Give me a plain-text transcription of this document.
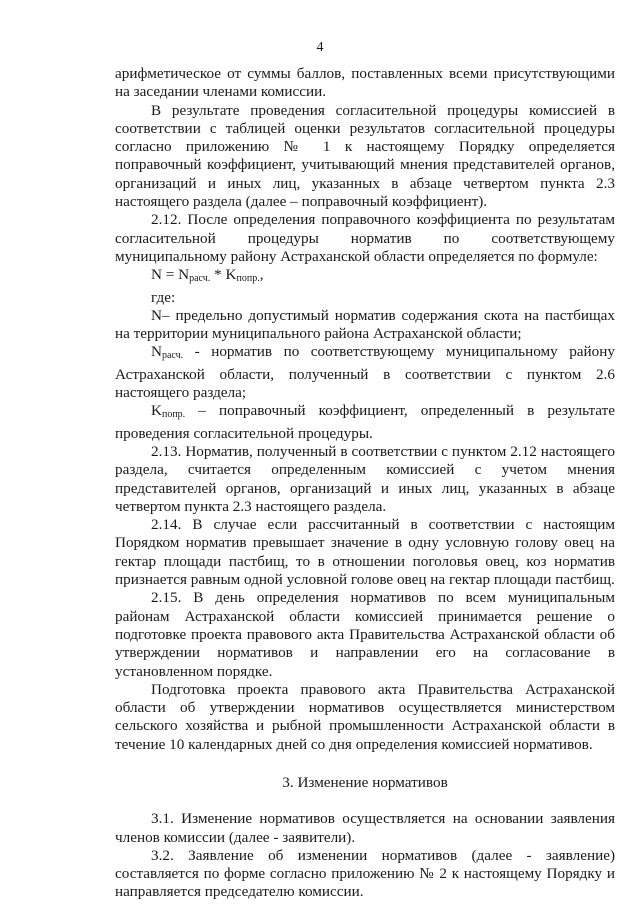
4

арифметическое от суммы баллов, поставленных всеми присутствующими на заседании членами комиссии.

В результате проведения согласительной процедуры комиссией в соответствии с таблицей оценки результатов согласительной процедуры согласно приложению № 1 к настоящему Порядку определяется поправочный коэффициент, учитывающий мнения представителей органов, организаций и иных лиц, указанных в абзаце четвертом пункта 2.3 настоящего раздела (далее – поправочный коэффициент).

2.12. После определения поправочного коэффициента по результатам согласительной процедуры норматив по соответствующему муниципальному району Астраханской области определяется по формуле:

$N = N_{расч.} * K_{попр.}$,

где:

N– предельно допустимый норматив содержания скота на пастбищах на территории муниципального района Астраханской области;

$N_{расч.}$ - норматив по соответствующему муниципальному району Астраханской области, полученный в соответствии с пунктом 2.6 настоящего раздела;

$K_{попр.}$ – поправочный коэффициент, определенный в результате проведения согласительной процедуры.

2.13. Норматив, полученный в соответствии с пунктом 2.12 настоящего раздела, считается определенным комиссией с учетом мнения представителей органов, организаций и иных лиц, указанных в абзаце четвертом пункта 2.3 настоящего раздела.

2.14. В случае если рассчитанный в соответствии с настоящим Порядком норматив превышает значение в одну условную голову овец на гектар площади пастбищ, то в отношении поголовья овец, коз норматив признается равным одной условной голове овец на гектар площади пастбищ.

2.15. В день определения нормативов по всем муниципальным районам Астраханской области комиссией принимается решение о подготовке проекта правового акта Правительства Астраханской области об утверждении нормативов и направлении его на согласование в установленном порядке.

Подготовка проекта правового акта Правительства Астраханской области об утверждении нормативов осуществляется министерством сельского хозяйства и рыбной промышленности Астраханской области в течение 10 календарных дней со дня определения комиссией нормативов.

3. Изменение нормативов

3.1. Изменение нормативов осуществляется на основании заявления членов комиссии (далее - заявители).

3.2. Заявление об изменении нормативов (далее - заявление) составляется по форме согласно приложению № 2 к настоящему Порядку и направляется председателю комиссии.
